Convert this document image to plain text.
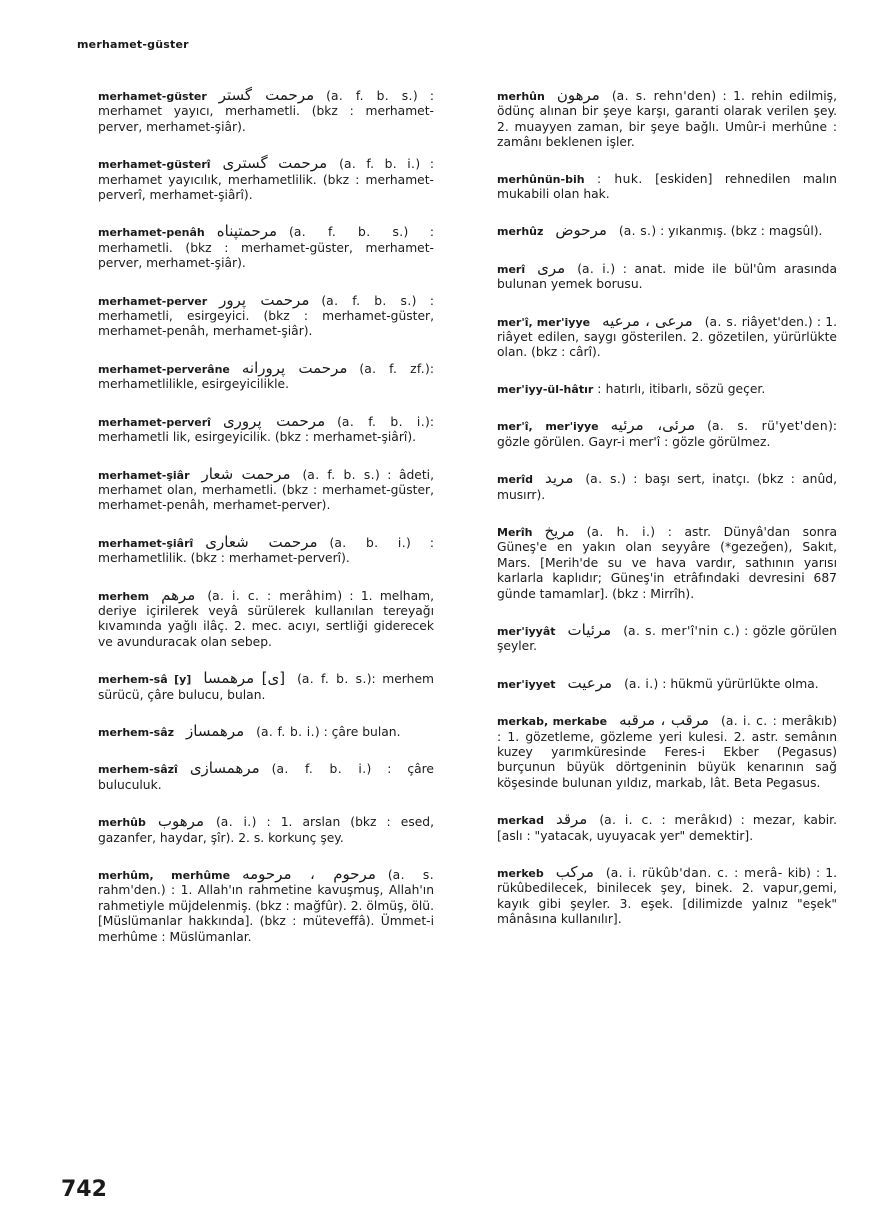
merhamet-güster

merhamet-güster مرحمت گستر (a. f. b. s.) : merhamet yayıcı, merhametli. (bkz : merhamet-perver, merhamet-şiâr).

merhamet-güsterî مرحمت گستری (a. f. b. i.) : merhamet yayıcılık, merhametlilik. (bkz : merhamet-perverî, merhamet-şiârî).

merhamet-penâh مرحمتپناه (a. f. b. s.) : merhametli. (bkz : merhamet-güster, merhamet-perver, merhamet-şiâr).

merhamet-perver مرحمت پرور (a. f. b. s.) : merhametli, esirgeyici. (bkz : merhamet-güster, merhamet-penâh, merhamet-şiâr).

merhamet-perverâne مرحمت پرورانه (a. f. zf.): merhametlilikle, esirgeyicilikle.

merhamet-perverî مرحمت پروری (a. f. b. i.): merhametli lik, esirgeyicilik. (bkz : merhamet-şiârî).

merhamet-şiâr مرحمت شعار (a. f. b. s.) : âdeti, merhamet olan, merhametli. (bkz : merhamet-güster, merhamet-penâh, merhamet-perver).

merhamet-şiârî مرحمت شعاری (a. b. i.) : merhametlilik. (bkz : merhamet-perverî).

merhem مرهم (a. i. c. : merâhim) : 1. melham, deriye içirilerek veyâ sürülerek kullanılan tereyağı kıvamında yağlı ilâç. 2. mec. acıyı, sertliği giderecek ve avunduracak olan sebep.

merhem-sâ [y] [ی] مرهمسا (a. f. b. s.): merhem sürücü, çâre bulucu, bulan.

merhem-sâz مرهمساز (a. f. b. i.) : çâre bulan.

merhem-sâzî مرهمسازی (a. f. b. i.) : çâre buluculuk.

merhûb مرهوب (a. i.) : 1. arslan (bkz : esed, gazanfer, haydar, şîr). 2. s. korkunç şey.

merhûm, merhûme مرحوم ، مرحومه (a. s. rahm'den.) : 1. Allah'ın rahmetine kavuşmuş, Allah'ın rahmetiyle müjdelenmiş. (bkz : mağfûr). 2. ölmüş, ölü. [Müslümanlar hakkında]. (bkz : müteveffâ). Ümmet-i merhûme : Müslümanlar.

merhûn مرهون (a. s. rehn'den) : 1. rehin edilmiş, ödünç alınan bir şeye karşı, garanti olarak verilen şey. 2. muayyen zaman, bir şeye bağlı. Umûr-i merhûne : zamânı beklenen işler.

merhûnün-bih : huk. [eskiden] rehnedilen malın mukabili olan hak.

merhûz مرحوض (a. s.) : yıkanmış. (bkz : magsûl).

merî مری (a. i.) : anat. mide ile bül'ûm arasında bulunan yemek borusu.

mer'î, mer'iyye مرعی ، مرعیه (a. s. riâyet'den.) : 1. riâyet edilen, saygı gösterilen. 2. gözetilen, yürürlükte olan. (bkz : cârî).

mer'iyy-ül-hâtır : hatırlı, itibarlı, sözü geçer.

mer'î, mer'iyye مرئی، مرئیه (a. s. rü'yet'den): gözle görülen. Gayr-i mer'î : gözle görülmez.

merîd مرید (a. s.) : başı sert, inatçı. (bkz : anûd, musırr).

Merîh مریخ (a. h. i.) : astr. Dünyâ'dan sonra Güneş'e en yakın olan seyyâre (*gezeğen), Sakıt, Mars. [Merih'de su ve hava vardır, sathının yarısı karlarla kaplıdır; Güneş'in etrâfındaki devresini 687 günde tamamlar]. (bkz : Mirrîh).

mer'iyyât مرئیات (a. s. mer'î'nin c.) : gözle görülen şeyler.

mer'iyyet مرعیت (a. i.) : hükmü yürürlükte olma.

merkab, merkabe مرقب ، مرقبه (a. i. c. : merâkıb) : 1. gözetleme, gözleme yeri kulesi. 2. astr. semânın kuzey yarımküresinde Feres-i Ekber (Pegasus) burçunun büyük dörtgeninin büyük kenarının sağ köşesinde bulunan yıldız, markab, lât. Beta Pegasus.

merkad مرقد (a. i. c. : merâkıd) : mezar, kabir. [aslı : "yatacak, uyuyacak yer" demektir].

merkeb مرکب (a. i. rükûb'dan. c. : merâ- kib) : 1. rükûbedilecek, binilecek şey, binek. 2. vapur,gemi, kayık gibi şeyler. 3. eşek. [dilimizde yalnız "eşek" mânâsına kullanılır].

742
